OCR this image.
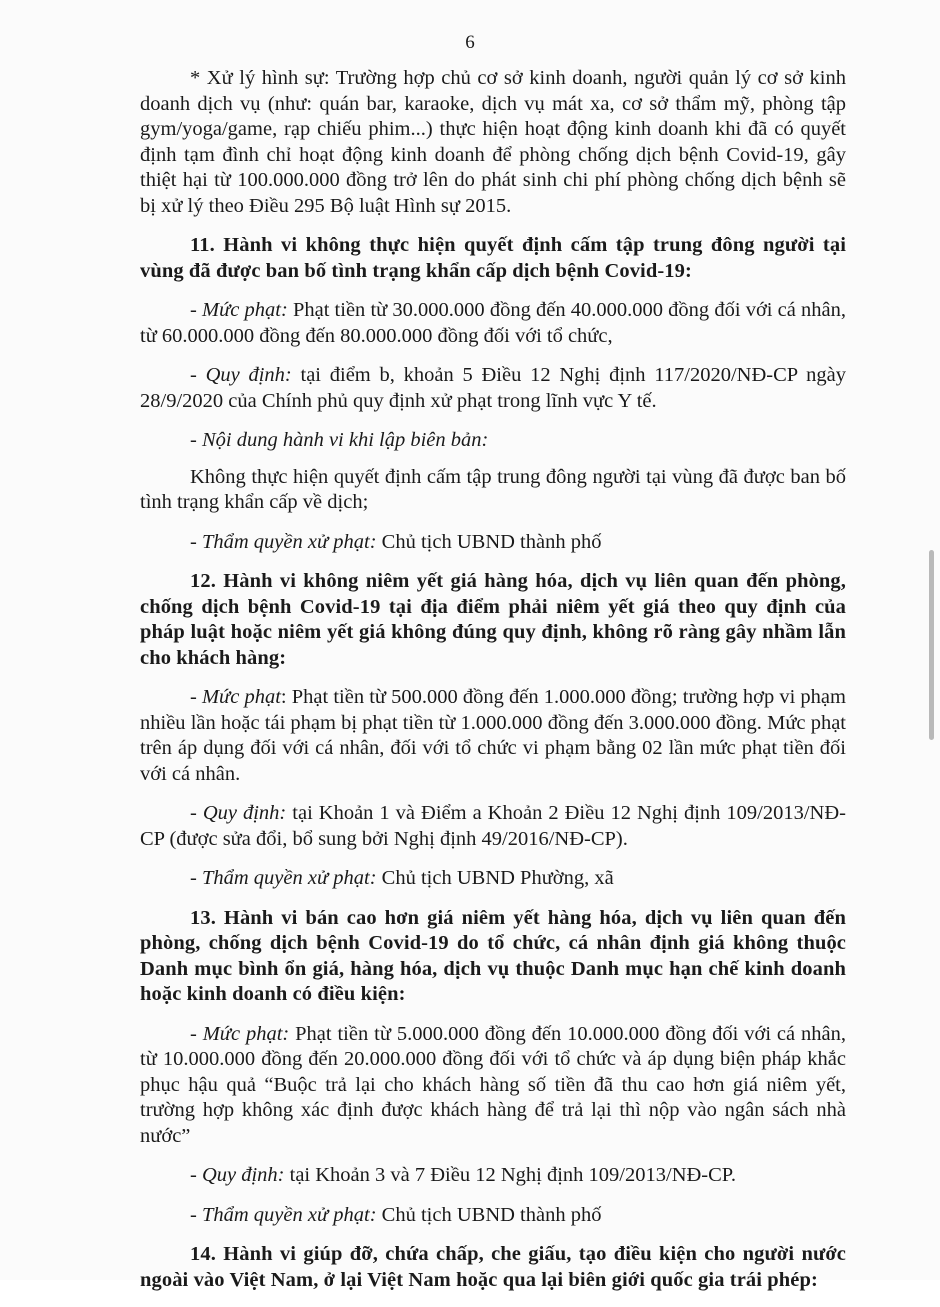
6

* Xử lý hình sự: Trường hợp chủ cơ sở kinh doanh, người quản lý cơ sở kinh doanh dịch vụ (như: quán bar, karaoke, dịch vụ mát xa, cơ sở thẩm mỹ, phòng tập gym/yoga/game, rạp chiếu phim...) thực hiện hoạt động kinh doanh khi đã có quyết định tạm đình chỉ hoạt động kinh doanh để phòng chống dịch bệnh Covid-19, gây thiệt hại từ 100.000.000 đồng trở lên do phát sinh chi phí phòng chống dịch bệnh sẽ bị xử lý theo Điều 295 Bộ luật Hình sự 2015.

11. Hành vi không thực hiện quyết định cấm tập trung đông người tại vùng đã được ban bố tình trạng khẩn cấp dịch bệnh Covid-19:

- Mức phạt: Phạt tiền từ 30.000.000 đồng đến 40.000.000 đồng đối với cá nhân, từ 60.000.000 đồng đến 80.000.000 đồng đối với tổ chức,

- Quy định: tại điểm b, khoản 5 Điều 12 Nghị định 117/2020/NĐ-CP ngày 28/9/2020 của Chính phủ quy định xử phạt trong lĩnh vực Y tế.

- Nội dung hành vi khi lập biên bản:

Không thực hiện quyết định cấm tập trung đông người tại vùng đã được ban bố tình trạng khẩn cấp về dịch;

- Thẩm quyền xử phạt: Chủ tịch UBND thành phố

12. Hành vi không niêm yết giá hàng hóa, dịch vụ liên quan đến phòng, chống dịch bệnh Covid-19 tại địa điểm phải niêm yết giá theo quy định của pháp luật hoặc niêm yết giá không đúng quy định, không rõ ràng gây nhầm lẫn cho khách hàng:

- Mức phạt: Phạt tiền từ 500.000 đồng đến 1.000.000 đồng; trường hợp vi phạm nhiều lần hoặc tái phạm bị phạt tiền từ 1.000.000 đồng đến 3.000.000 đồng. Mức phạt trên áp dụng đối với cá nhân, đối với tổ chức vi phạm bằng 02 lần mức phạt tiền đối với cá nhân.

- Quy định: tại Khoản 1 và Điểm a Khoản 2 Điều 12 Nghị định 109/2013/NĐ-CP (được sửa đổi, bổ sung bởi Nghị định 49/2016/NĐ-CP).

- Thẩm quyền xử phạt: Chủ tịch UBND Phường, xã

13. Hành vi bán cao hơn giá niêm yết hàng hóa, dịch vụ liên quan đến phòng, chống dịch bệnh Covid-19 do tổ chức, cá nhân định giá không thuộc Danh mục bình ổn giá, hàng hóa, dịch vụ thuộc Danh mục hạn chế kinh doanh hoặc kinh doanh có điều kiện:

- Mức phạt: Phạt tiền từ 5.000.000 đồng đến 10.000.000 đồng đối với cá nhân, từ 10.000.000 đồng đến 20.000.000 đồng đối với tổ chức và áp dụng biện pháp khắc phục hậu quả “Buộc trả lại cho khách hàng số tiền đã thu cao hơn giá niêm yết, trường hợp không xác định được khách hàng để trả lại thì nộp vào ngân sách nhà nước”

- Quy định: tại Khoản 3 và 7 Điều 12 Nghị định 109/2013/NĐ-CP.

- Thẩm quyền xử phạt: Chủ tịch UBND thành phố

14. Hành vi giúp đỡ, chứa chấp, che giấu, tạo điều kiện cho người nước ngoài vào Việt Nam, ở lại Việt Nam hoặc qua lại biên giới quốc gia trái phép:
